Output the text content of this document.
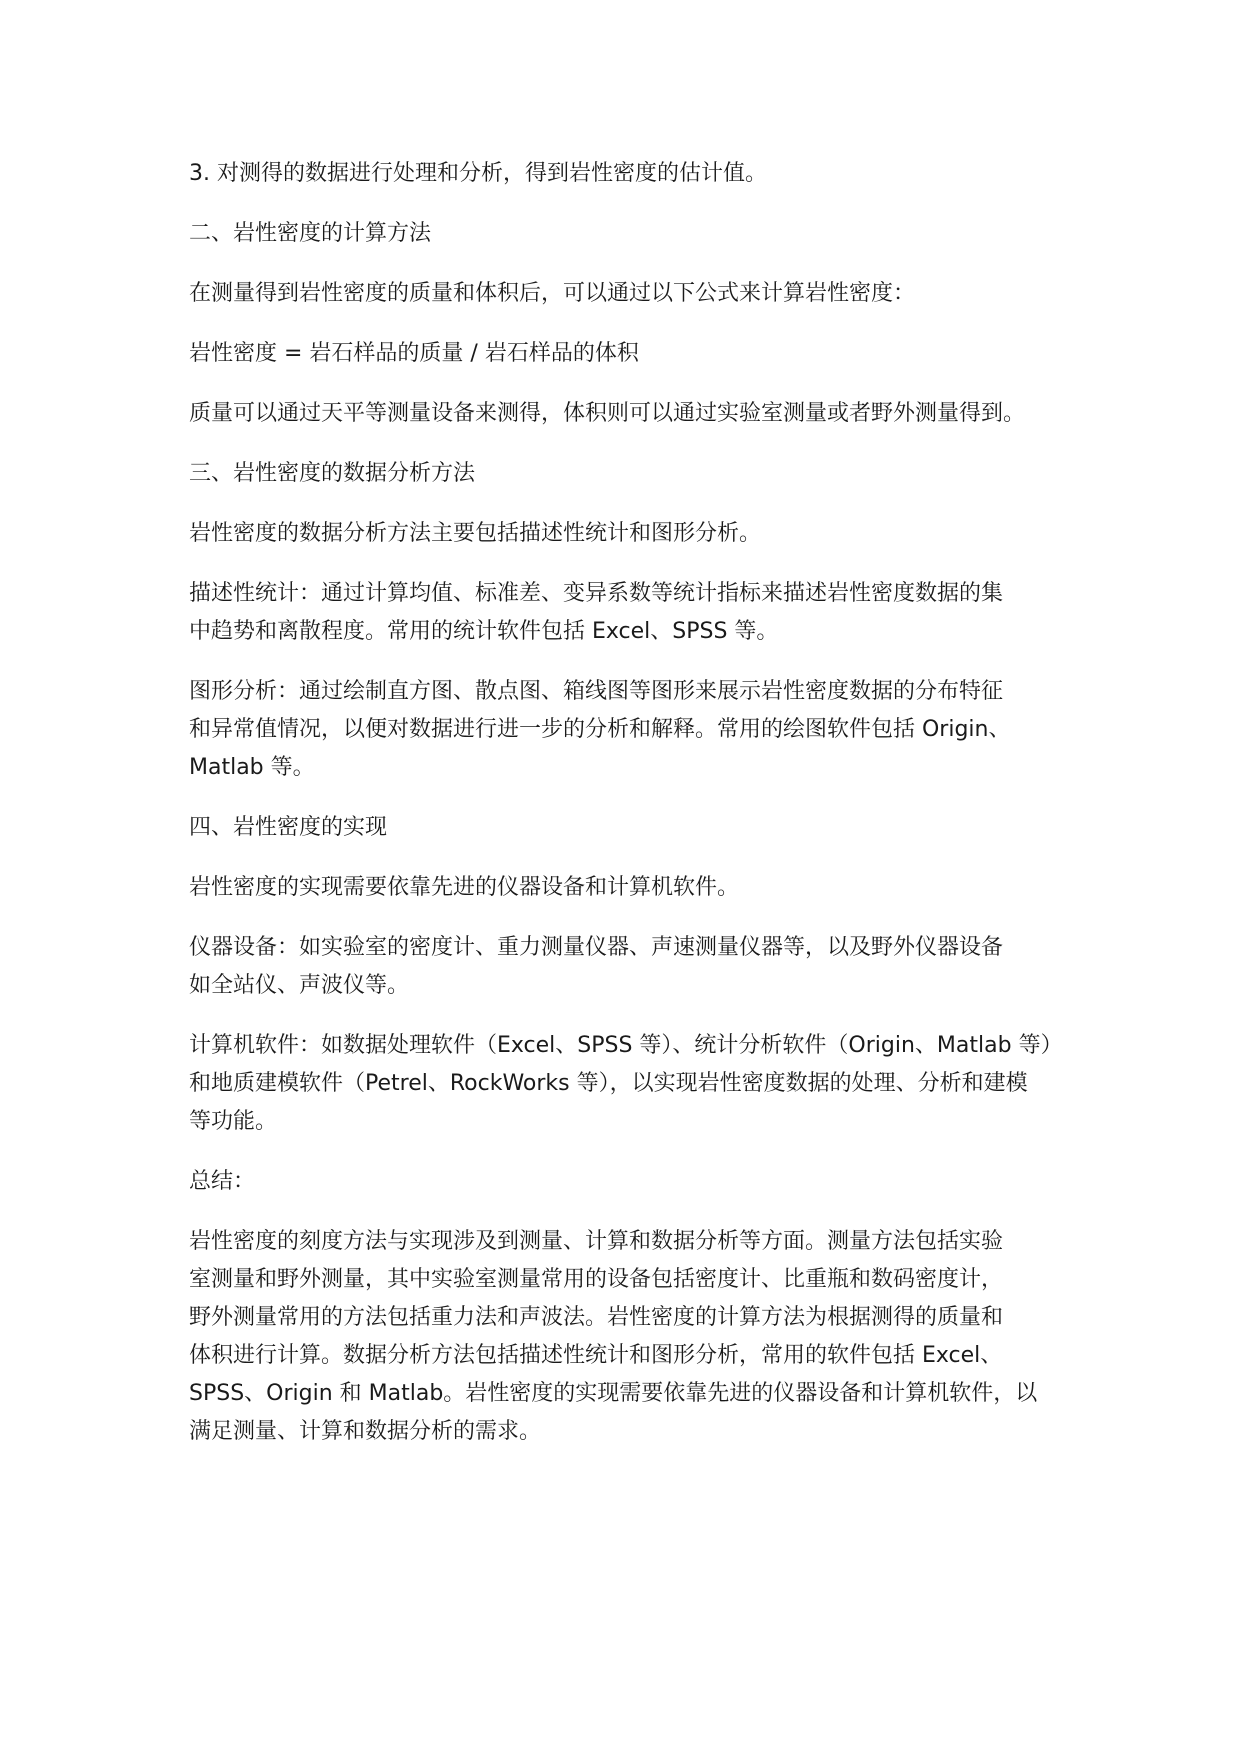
3. 对测得的数据进行处理和分析，得到岩性密度的估计值。

二、岩性密度的计算方法

在测量得到岩性密度的质量和体积后，可以通过以下公式来计算岩性密度：

岩性密度 = 岩石样品的质量 / 岩石样品的体积

质量可以通过天平等测量设备来测得，体积则可以通过实验室测量或者野外测量得到。

三、岩性密度的数据分析方法

岩性密度的数据分析方法主要包括描述性统计和图形分析。

描述性统计：通过计算均值、标准差、变异系数等统计指标来描述岩性密度数据的集
中趋势和离散程度。常用的统计软件包括 Excel、SPSS 等。

图形分析：通过绘制直方图、散点图、箱线图等图形来展示岩性密度数据的分布特征
和异常值情况，以便对数据进行进一步的分析和解释。常用的绘图软件包括 Origin、
Matlab 等。

四、岩性密度的实现

岩性密度的实现需要依靠先进的仪器设备和计算机软件。

仪器设备：如实验室的密度计、重力测量仪器、声速测量仪器等，以及野外仪器设备
如全站仪、声波仪等。

计算机软件：如数据处理软件（Excel、SPSS 等）、统计分析软件（Origin、Matlab 等）
和地质建模软件（Petrel、RockWorks 等），以实现岩性密度数据的处理、分析和建模
等功能。

总结：

岩性密度的刻度方法与实现涉及到测量、计算和数据分析等方面。测量方法包括实验
室测量和野外测量，其中实验室测量常用的设备包括密度计、比重瓶和数码密度计，
野外测量常用的方法包括重力法和声波法。岩性密度的计算方法为根据测得的质量和
体积进行计算。数据分析方法包括描述性统计和图形分析，常用的软件包括 Excel、
SPSS、Origin 和 Matlab。岩性密度的实现需要依靠先进的仪器设备和计算机软件，以
满足测量、计算和数据分析的需求。
